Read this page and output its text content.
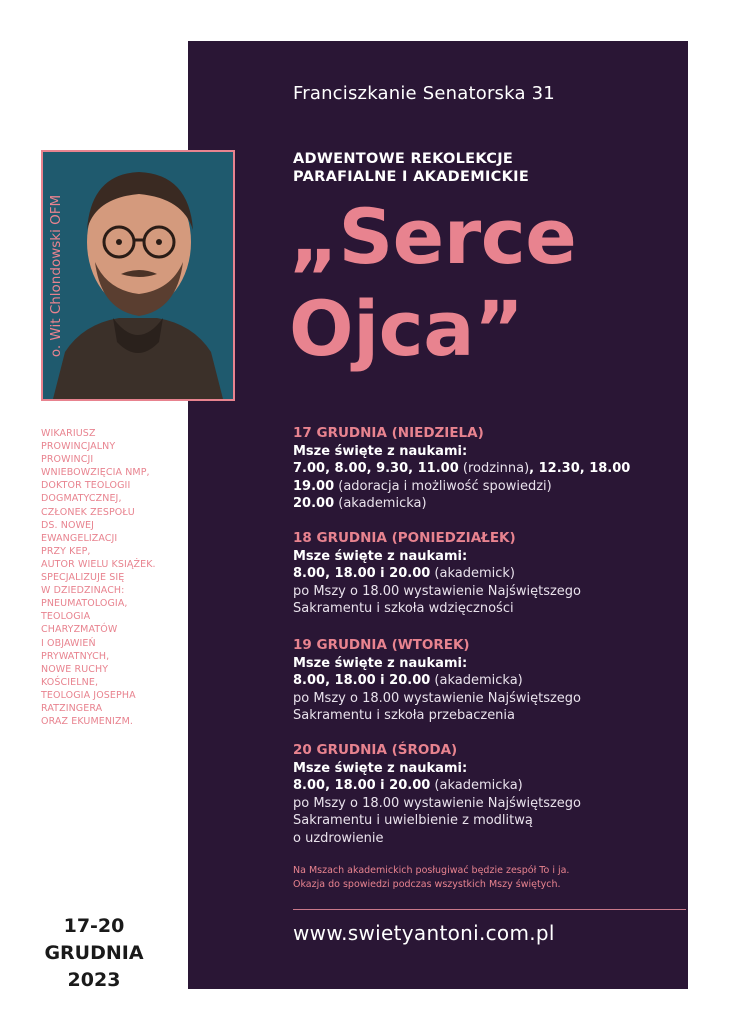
Franciszkanie Senatorska 31
ADWENTOWE REKOLEKCJE
PARAFIALNE I AKADEMICKIE
„Serce
Ojca”
o. Wit Chlondowski OFM
WIKARIUSZ
PROWINCJALNY
PROWINCJI
WNIEBOWZIĘCIA NMP,
DOKTOR TEOLOGII
DOGMATYCZNEJ,
CZŁONEK ZESPOŁU
DS. NOWEJ
EWANGELIZACJI
PRZY KEP,
AUTOR WIELU KSIĄŻEK.
SPECJALIZUJE SIĘ
W DZIEDZINACH:
PNEUMATOLOGIA,
TEOLOGIA
CHARYZMATÓW
I OBJAWIEŃ
PRYWATNYCH,
NOWE RUCHY
KOŚCIELNE,
TEOLOGIA JOSEPHA
RATZINGERA
ORAZ EKUMENIZM.
17-20
GRUDNIA
2023
17 GRUDNIA (NIEDZIELA)
Msze święte z naukami:
7.00, 8.00, 9.30, 11.00 (rodzinna), 12.30, 18.00
19.00 (adoracja i możliwość spowiedzi)
20.00 (akademicka)
18 GRUDNIA (PONIEDZIAŁEK)
Msze święte z naukami:
8.00, 18.00 i 20.00 (akademick)
po Mszy o 18.00 wystawienie Najświętszego
Sakramentu i szkoła wdzięczności
19 GRUDNIA (WTOREK)
Msze święte z naukami:
8.00, 18.00 i 20.00 (akademicka)
po Mszy o 18.00 wystawienie Najświętszego
Sakramentu i szkoła przebaczenia
20 GRUDNIA (ŚRODA)
Msze święte z naukami:
8.00, 18.00 i 20.00 (akademicka)
po Mszy o 18.00 wystawienie Najświętszego
Sakramentu i uwielbienie z modlitwą
o uzdrowienie
Na Mszach akademickich posługiwać będzie zespół To i ja.
Okazja do spowiedzi podczas wszystkich Mszy świętych.
www.swietyantoni.com.pl
